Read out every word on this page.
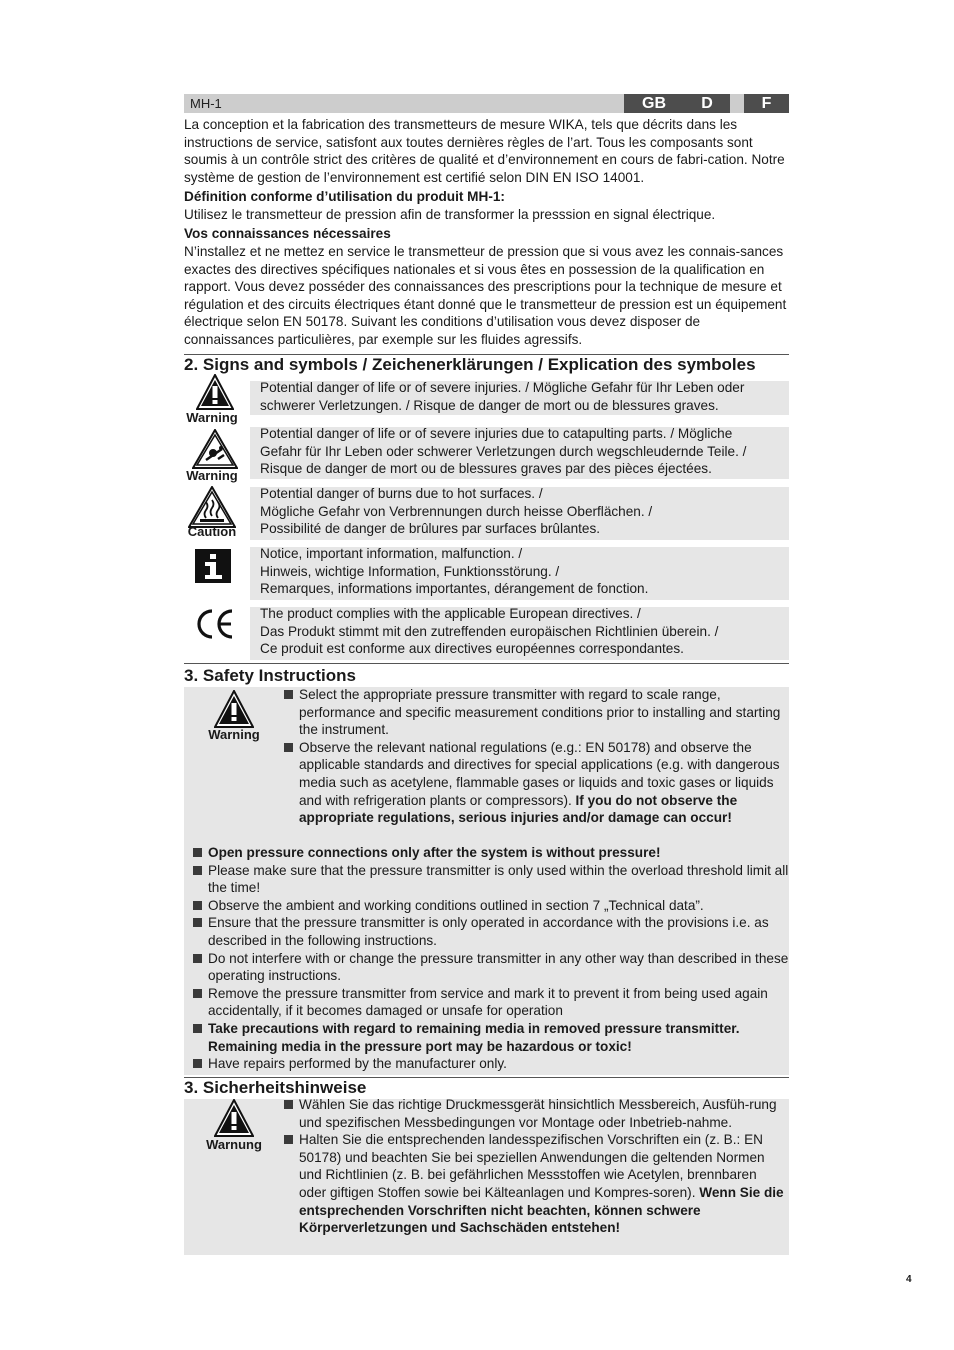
MH-1	GB	D	F
La conception et la fabrication des transmetteurs de mesure WIKA, tels que décrits dans les instructions de service, satisfont aux toutes dernières règles de l’art. Tous les composants sont soumis à un contrôle strict des critères de qualité et d’environnement en cours de fabri-cation. Notre système de gestion de l’environnement est certifié selon DIN EN ISO 14001.
Définition conforme d’utilisation du produit MH-1:
Utilisez le transmetteur de pression afin de transformer la presssion en signal électrique.
Vos connaissances nécessaires
N’installez et ne mettez en service le transmetteur de pression que si vous avez les connais-sances exactes des directives spécifiques nationales et si vous êtes en possession de la qualification en rapport. Vous devez posséder des connaissances des prescriptions pour la technique de mesure et régulation et des circuits électriques étant donné que le transmetteur de pression est un équipement électrique selon EN 50178. Suivant les conditions d’utilisation vous devez disposer de connaissances particulières, par exemple sur les fluides agressifs.
2. Signs and symbols / Zeichenerklärungen / Explication des symboles
Warning
Potential danger of life or of severe injuries. / Mögliche Gefahr für Ihr Leben oder
schwerer Verletzungen. / Risque de danger de mort ou de blessures graves.
Warning
Potential danger of life or of severe injuries due to catapulting parts. / Mögliche
Gefahr für Ihr Leben oder schwerer Verletzungen durch wegschleudernde Teile. /
Risque de danger de mort ou de blessures graves par des pièces éjectées.
Caution
Potential danger of burns due to hot surfaces. /
Mögliche Gefahr von Verbrennungen durch heisse Oberflächen. /
Possibilité de danger de brûlures par surfaces brûlantes.
Notice, important information, malfunction. /
Hinweis, wichtige Information, Funktionsstörung. /
Remarques, informations importantes, dérangement de fonction.
The product complies with the applicable European directives. /
Das Produkt stimmt mit den zutreffenden europäischen Richtlinien überein. /
Ce produit est conforme aux directives européennes correspondantes.
3. Safety Instructions
Warning
Select the appropriate pressure transmitter with regard to scale range, performance and specific measurement conditions prior to installing and starting the instrument.
Observe the relevant national regulations (e.g.: EN 50178) and observe the applicable standards and directives for special applications (e.g. with dangerous media such as acetylene, flammable gases or liquids and toxic gases or liquids and with refrigeration plants or compressors). If you do not observe the appropriate regulations, serious injuries and/or damage can occur!
Open pressure connections only after the system is without pressure!
Please make sure that the pressure transmitter is only used within the overload threshold limit all the time!
Observe the ambient and working conditions outlined in section 7 „Technical data”.
Ensure that the pressure transmitter is only operated in accordance with the provisions i.e. as described in the following instructions.
Do not interfere with or change the pressure transmitter in any other way than described in these operating instructions.
Remove the pressure transmitter from service and mark it to prevent it from being used again accidentally, if it becomes damaged or unsafe for operation
Take precautions with regard to remaining media in removed pressure transmitter. Remaining media in the pressure port may be hazardous or toxic!
Have repairs performed by the manufacturer only.
3. Sicherheitshinweise
Warnung
Wählen Sie das richtige Druckmessgerät hinsichtlich Messbereich, Ausfüh-rung und spezifischen Messbedingungen vor Montage oder Inbetrieb-nahme.
Halten Sie die entsprechenden landesspezifischen Vorschriften ein (z. B.: EN 50178) und beachten Sie bei speziellen Anwendungen die geltenden Normen und Richtlinien (z. B. bei gefährlichen Messstoffen wie Acetylen, brennbaren oder giftigen Stoffen sowie bei Kälteanlagen und Kompres-soren). Wenn Sie die entsprechenden Vorschriften nicht beachten, können schwere Körperverletzungen und Sachschäden entstehen!
4
